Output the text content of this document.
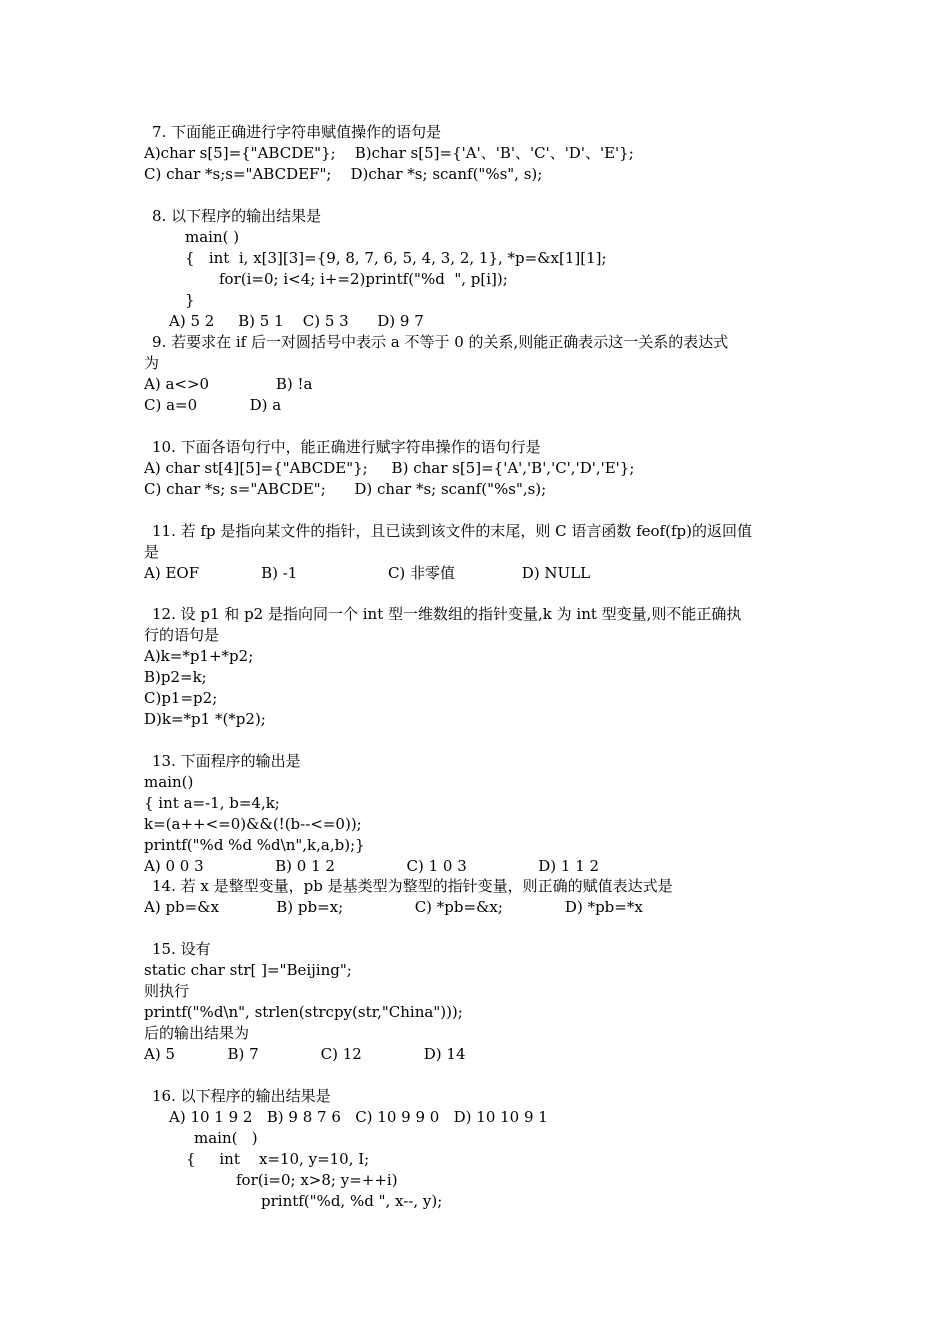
7. 下面能正确进行字符串赋值操作的语句是
A)char s[5]={"ABCDE"};    B)char s[5]={'A'、'B'、'C'、'D'、'E'};
C) char *s;s="ABCDEF";    D)char *s; scanf("%s", s);
8. 以下程序的输出结果是
main( )
{   int  i, x[3][3]={9, 8, 7, 6, 5, 4, 3, 2, 1}, *p=&x[1][1];
for(i=0; i<4; i+=2)printf("%d  ", p[i]);
}
A) 5 2     B) 5 1    C) 5 3      D) 9 7
9. 若要求在 if 后一对圆括号中表示 a 不等于 0 的关系,则能正确表示这一关系的表达式
为
A) a<>0              B) !a
C) a=0           D) a
10. 下面各语句行中，能正确进行赋字符串操作的语句行是
A) char st[4][5]={"ABCDE"};     B) char s[5]={'A','B','C','D','E'};
C) char *s; s="ABCDE";      D) char *s; scanf("%s",s);
11. 若 fp 是指向某文件的指针，且已读到该文件的末尾，则 C 语言函数 feof(fp)的返回值
是
A) EOF             B) -1                   C) 非零值              D) NULL
12. 设 p1 和 p2 是指向同一个 int 型一维数组的指针变量,k 为 int 型变量,则不能正确执
行的语句是
A)k=*p1+*p2;
B)p2=k;
C)p1=p2;
D)k=*p1 *(*p2);
13. 下面程序的输出是
main()
{ int a=-1, b=4,k;
k=(a++<=0)&&(!(b--<=0));
printf("%d %d %d\n",k,a,b);}
A) 0 0 3               B) 0 1 2               C) 1 0 3               D) 1 1 2
14. 若 x 是整型变量，pb 是基类型为整型的指针变量，则正确的赋值表达式是
A) pb=&x            B) pb=x;               C) *pb=&x;             D) *pb=*x
15. 设有
static char str[ ]="Beijing";
则执行
printf("%d\n", strlen(strcpy(str,"China")));
后的输出结果为
A) 5           B) 7             C) 12             D) 14
16. 以下程序的输出结果是
A) 10 1 9 2   B) 9 8 7 6   C) 10 9 9 0   D) 10 10 9 1
main(   )
{     int    x=10, y=10, I;
for(i=0; x>8; y=++i)
printf("%d, %d ", x--, y);
